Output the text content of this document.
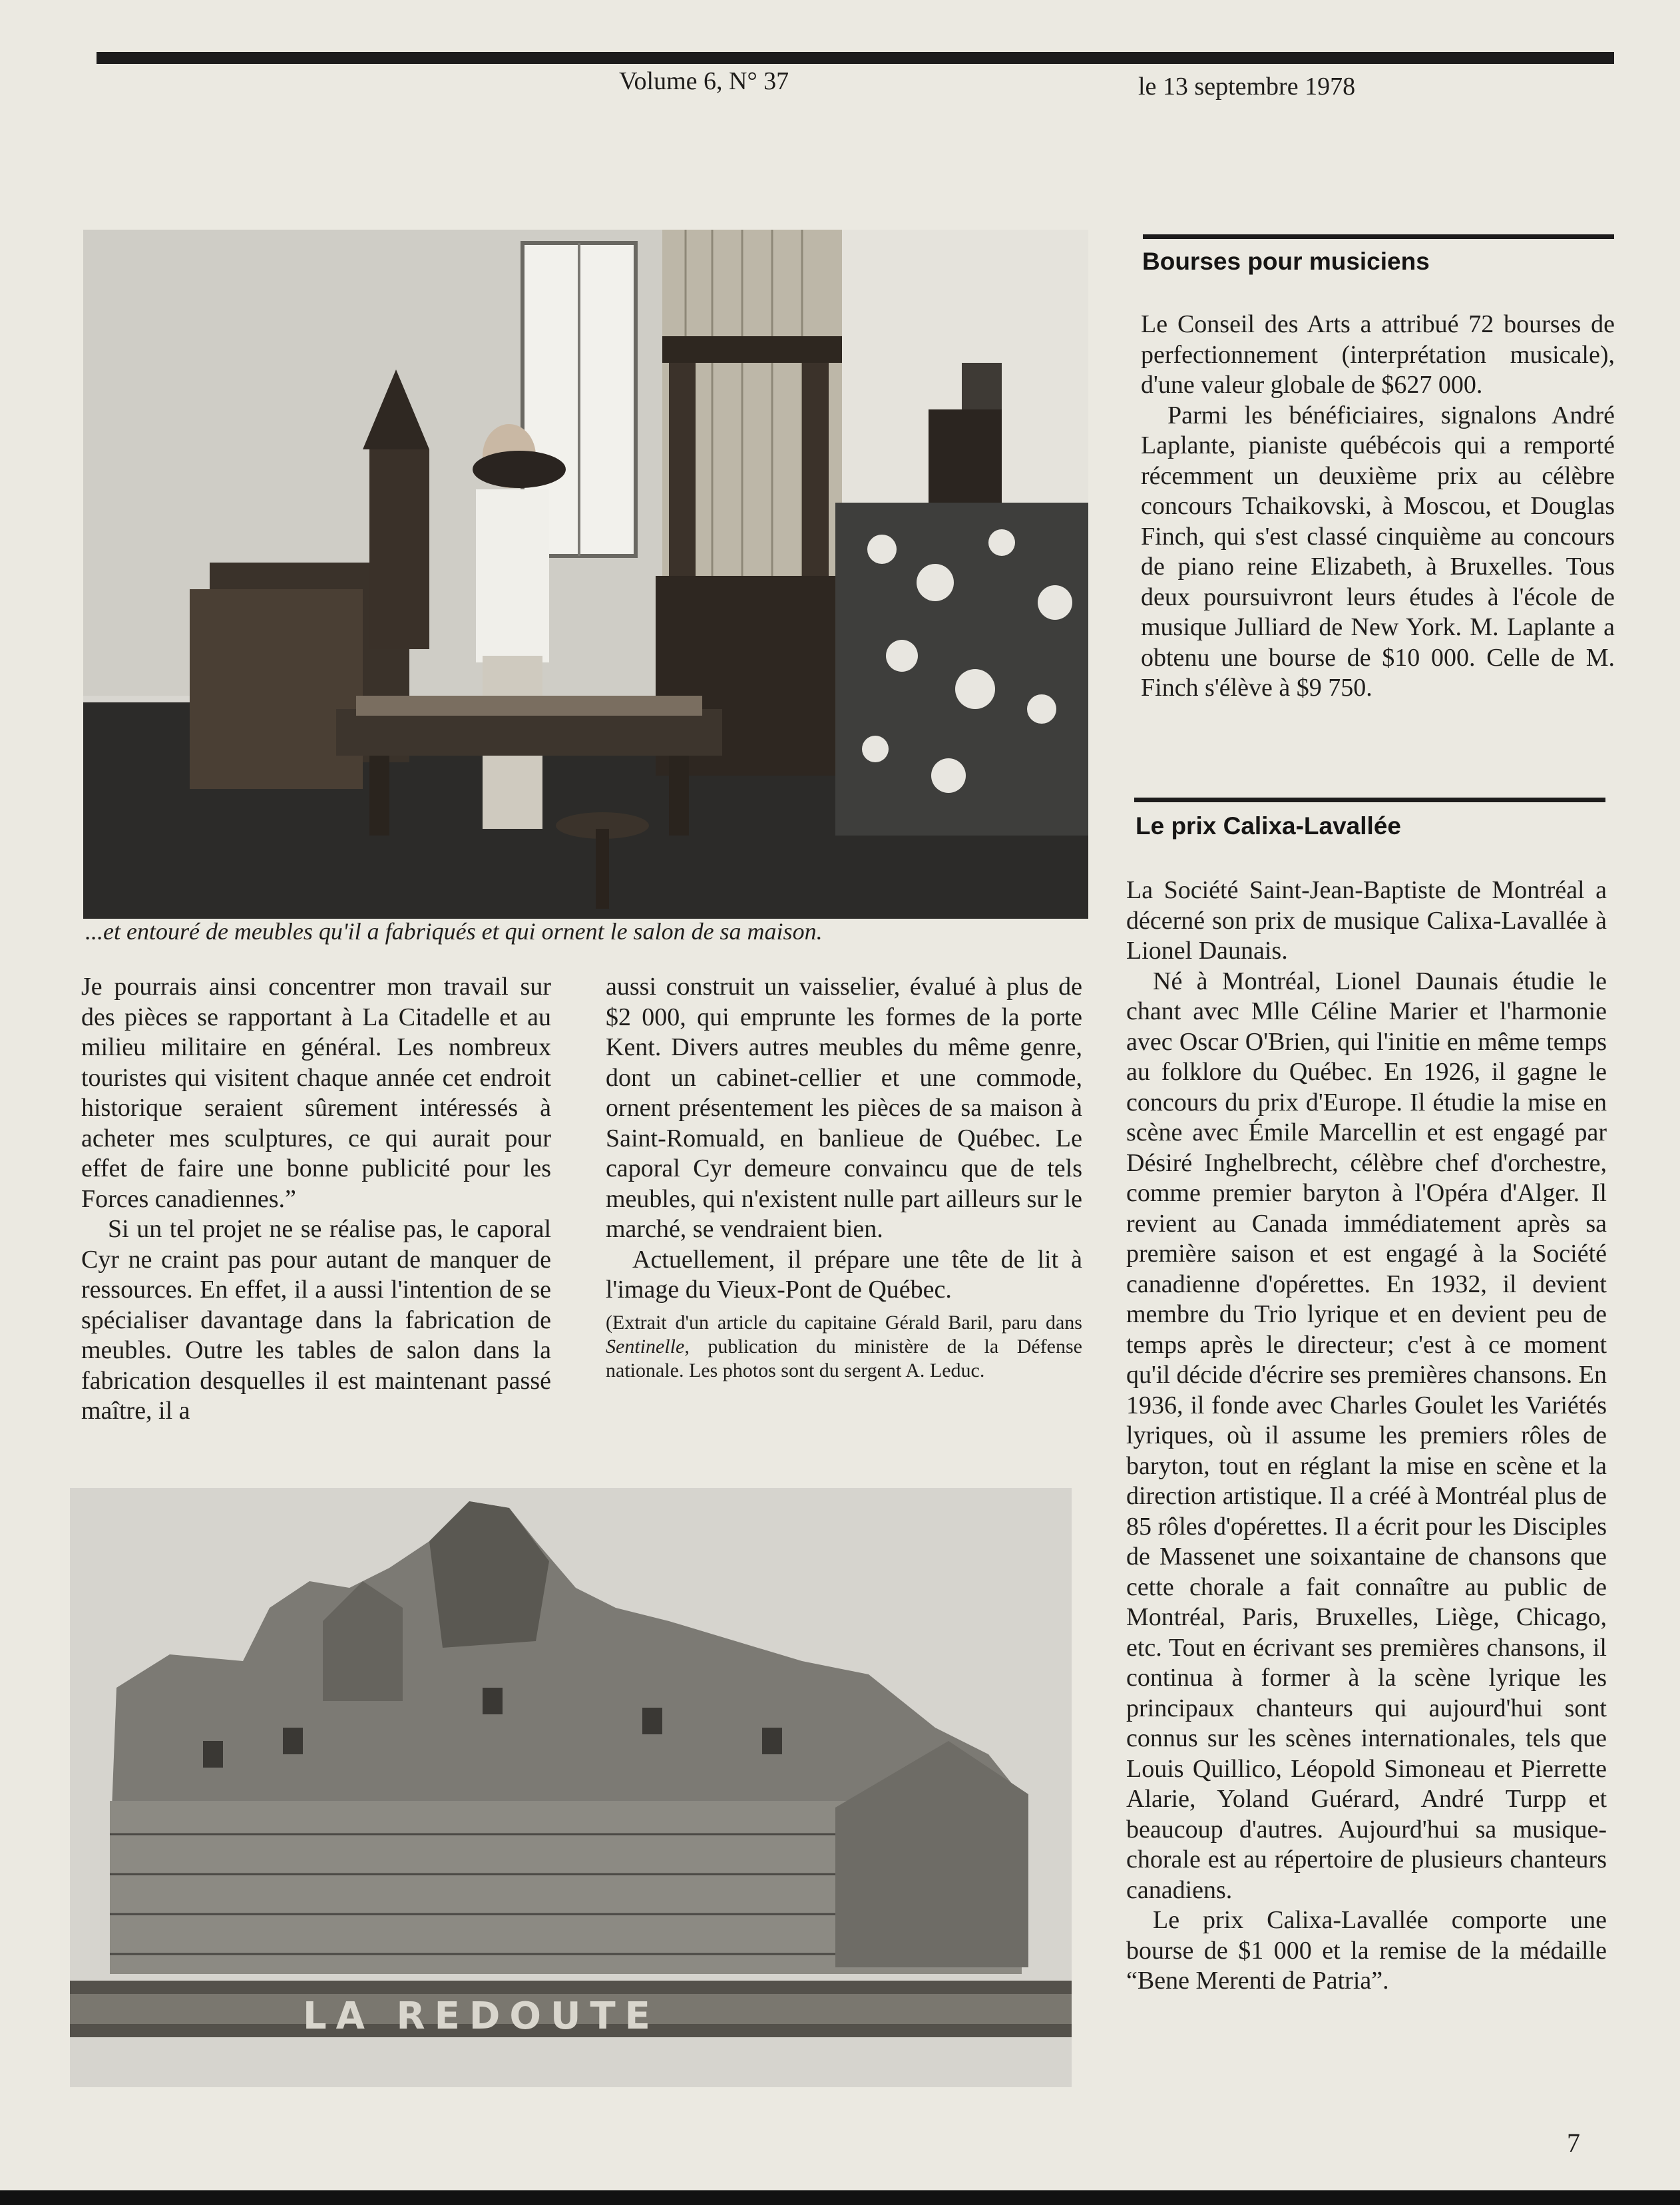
Volume 6, N° 37	le 13 septembre 1978
...et entouré de meubles qu'il a fabriqués et qui ornent le salon de sa maison.

Je pourrais ainsi concentrer mon travail sur des pièces se rapportant à La Citadelle et au milieu militaire en général. Les nombreux touristes qui visitent chaque année cet endroit historique seraient sûrement intéressés à acheter mes sculptures, ce qui aurait pour effet de faire une bonne publicité pour les Forces canadiennes.”

Si un tel projet ne se réalise pas, le caporal Cyr ne craint pas pour autant de manquer de ressources. En effet, il a aussi l'intention de se spécialiser davantage dans la fabrication de meubles. Outre les tables de salon dans la fabrication desquelles il est maintenant passé maître, il a

aussi construit un vaisselier, évalué à plus de $2 000, qui emprunte les formes de la porte Kent. Divers autres meubles du même genre, dont un cabinet-cellier et une commode, ornent présentement les pièces de sa maison à Saint-Romuald, en banlieue de Québec. Le caporal Cyr demeure convaincu que de tels meubles, qui n'existent nulle part ailleurs sur le marché, se vendraient bien.

Actuellement, il prépare une tête de lit à l'image du Vieux-Pont de Québec.

(Extrait d'un article du capitaine Gérald Baril, paru dans Sentinelle, publication du ministère de la Défense nationale. Les photos sont du sergent A. Leduc.

LA REDOUTE
Bourses pour musiciens

Le Conseil des Arts a attribué 72 bourses de perfectionnement (interprétation musicale), d'une valeur globale de $627 000.

Parmi les bénéficiaires, signalons André Laplante, pianiste québécois qui a remporté récemment un deuxième prix au célèbre concours Tchaikovski, à Moscou, et Douglas Finch, qui s'est classé cinquième au concours de piano reine Elizabeth, à Bruxelles. Tous deux poursuivront leurs études à l'école de musique Julliard de New York. M. Laplante a obtenu une bourse de $10 000. Celle de M. Finch s'élève à $9 750.

Le prix Calixa-Lavallée

La Société Saint-Jean-Baptiste de Montréal a décerné son prix de musique Calixa-Lavallée à Lionel Daunais.

Né à Montréal, Lionel Daunais étudie le chant avec Mlle Céline Marier et l'harmonie avec Oscar O'Brien, qui l'initie en même temps au folklore du Québec. En 1926, il gagne le concours du prix d'Europe. Il étudie la mise en scène avec Émile Marcellin et est engagé par Désiré Inghelbrecht, célèbre chef d'orchestre, comme premier baryton à l'Opéra d'Alger. Il revient au Canada immédiatement après sa première saison et est engagé à la Société canadienne d'opérettes. En 1932, il devient membre du Trio lyrique et en devient peu de temps après le directeur; c'est à ce moment qu'il décide d'écrire ses premières chansons. En 1936, il fonde avec Charles Goulet les Variétés lyriques, où il assume les premiers rôles de baryton, tout en réglant la mise en scène et la direction artistique. Il a créé à Montréal plus de 85 rôles d'opérettes. Il a écrit pour les Disciples de Massenet une soixantaine de chansons que cette chorale a fait connaître au public de Montréal, Paris, Bruxelles, Liège, Chicago, etc. Tout en écrivant ses premières chansons, il continua à former à la scène lyrique les principaux chanteurs qui aujourd'hui sont connus sur les scènes internationales, tels que Louis Quillico, Léopold Simoneau et Pierrette Alarie, Yoland Guérard, André Turpp et beaucoup d'autres. Aujourd'hui sa musique-chorale est au répertoire de plusieurs chanteurs canadiens.

Le prix Calixa-Lavallée comporte une bourse de $1 000 et la remise de la médaille “Bene Merenti de Patria”.

7
